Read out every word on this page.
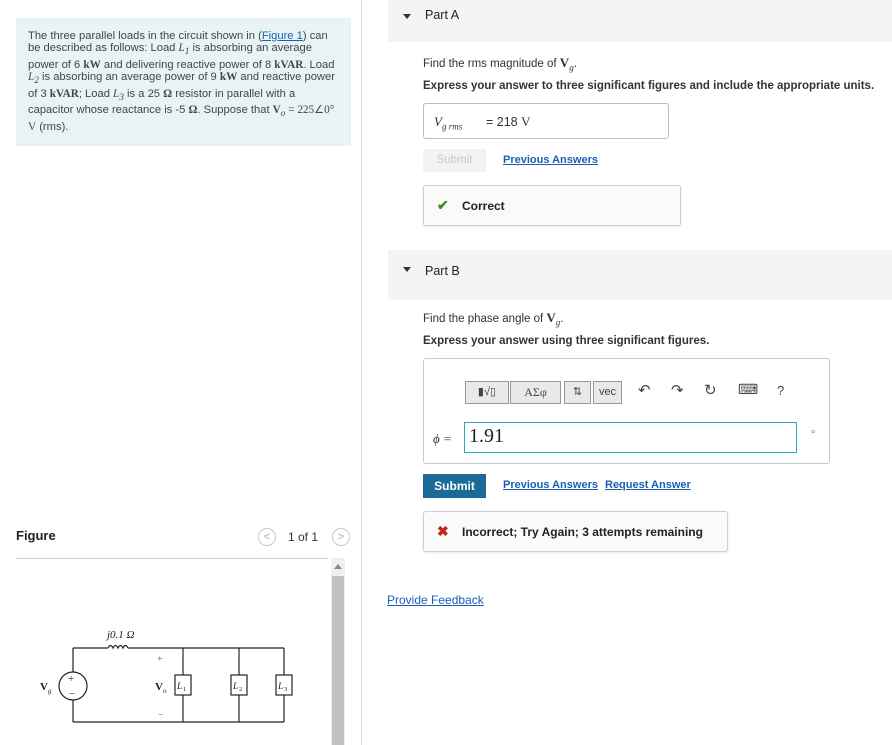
The three parallel loads in the circuit shown in (Figure 1) can be described as follows: Load $L_1$ is absorbing an average power of 6 kW and delivering reactive power of 8 kVAR. Load $L_2$ is absorbing an average power of 9 kW and reactive power of 3 kVAR; Load $L_3$ is a 25 Ω resistor in parallel with a capacitor whose reactance is -5 Ω. Suppose that $V_o$ = 225∠0° V (rms).
Figure	<	1 of 1	>
j0.1 Ω
+
−
V g
+
V o
−
L 1	L 2	L 3
Part A
Find the rms magnitude of $V_g$.
Express your answer to three significant figures and include the appropriate units.
$V_{g rms} = 218$ V
Submit	Previous Answers
✔ Correct
Part B
Find the phase angle of $V_g$.
Express your answer using three significant figures.
▮√▯	ΑΣφ	⇅	vec	↶ ↷ ↻ ⌨ ?
ϕ = 1.91	∘
Submit	Previous Answers Request Answer
✖ Incorrect; Try Again; 3 attempts remaining
Provide Feedback
